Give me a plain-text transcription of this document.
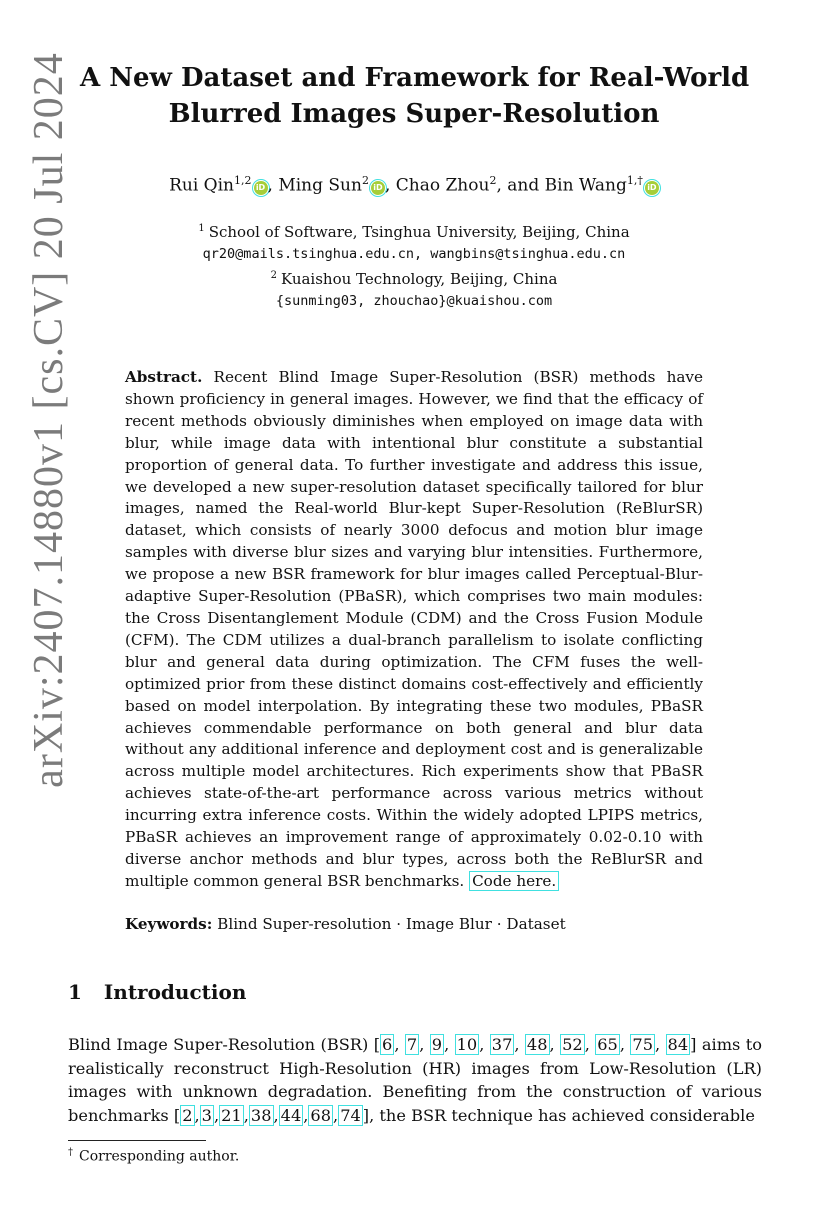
arXiv:2407.14880v1 [cs.CV] 20 Jul 2024 A New Dataset and Framework for Real-World
Blurred Images Super-Resolution
Rui Qin$^{1,2}$iD , Ming Sun$^2$iD , Chao Zhou$^2$, and Bin Wang$^{1,\dagger}$iD
$^1$ School of Software, Tsinghua University, Beijing, China
qr20@mails.tsinghua.edu.cn, wangbins@tsinghua.edu.cn
$^2$ Kuaishou Technology, Beijing, China
{sunming03, zhouchao}@kuaishou.com
Abstract. Recent Blind Image Super-Resolution (BSR) methods have shown proficiency in general images. However, we find that the efficacy of recent methods obviously diminishes when employed on image data with blur, while image data with intentional blur constitute a substantial proportion of general data. To further investigate and address this issue, we developed a new super-resolution dataset specifically tailored for blur images, named the Real-world Blur-kept Super-Resolution (ReBlurSR) dataset, which consists of nearly 3000 defocus and motion blur image samples with diverse blur sizes and varying blur intensities. Furthermore, we propose a new BSR framework for blur images called Perceptual-Blur-adaptive Super-Resolution (PBaSR), which comprises two main modules: the Cross Disentanglement Module (CDM) and the Cross Fusion Module (CFM). The CDM utilizes a dual-branch parallelism to isolate conflicting blur and general data during optimization. The CFM fuses the well-optimized prior from these distinct domains cost-effectively and efficiently based on model interpolation. By integrating these two modules, PBaSR achieves commendable performance on both general and blur data without any additional inference and deployment cost and is generalizable across multiple model architectures. Rich experiments show that PBaSR achieves state-of-the-art performance across various metrics without incurring extra inference costs. Within the widely adopted LPIPS metrics, PBaSR achieves an improvement range of approximately 0.02-0.10 with diverse anchor methods and blur types, across both the ReBlurSR and multiple common general BSR benchmarks. Code here.
Keywords: Blind Super-resolution · Image Blur · Dataset
1 Introduction
Blind Image Super-Resolution (BSR) [ 6 , 7 , 9 , 10 , 37 , 48 , 52 , 65 , 75 , 84 ] aims to realistically reconstruct High-Resolution (HR) images from Low-Resolution (LR) images with unknown degradation. Benefiting from the construction of various benchmarks [ 2 , 3 , 21 , 38 , 44 , 68 , 74 ], the BSR technique has achieved considerable
† Corresponding author.
